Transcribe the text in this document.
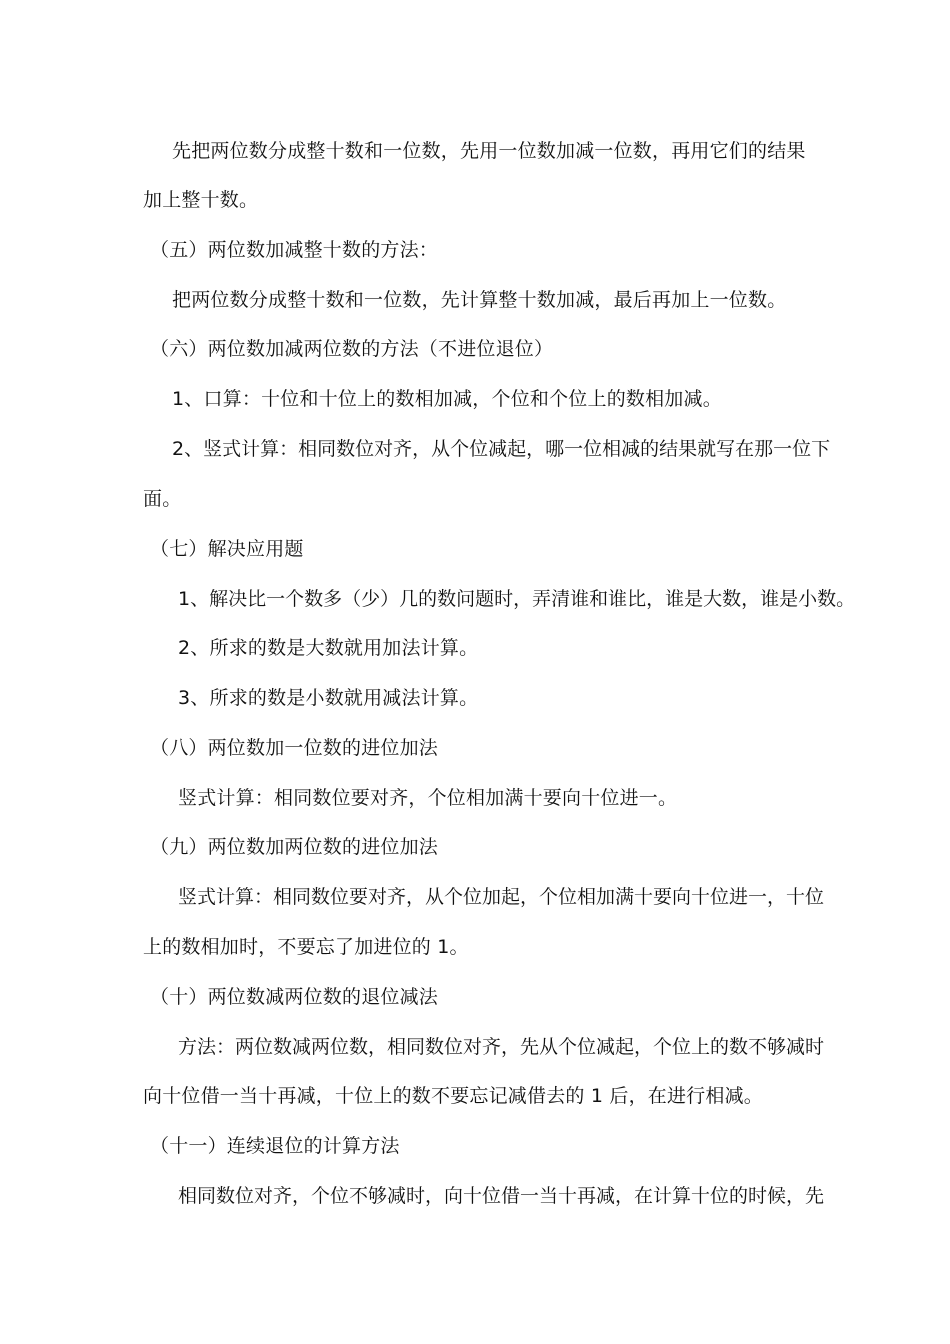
先把两位数分成整十数和一位数，先用一位数加减一位数，再用它们的结果
加上整十数。
（五）两位数加减整十数的方法：
把两位数分成整十数和一位数，先计算整十数加减，最后再加上一位数。
（六）两位数加减两位数的方法（不进位退位）
1、口算：十位和十位上的数相加减，个位和个位上的数相加减。
2、竖式计算：相同数位对齐，从个位减起，哪一位相减的结果就写在那一位下
面。
（七）解决应用题
1、解决比一个数多（少）几的数问题时，弄清谁和谁比，谁是大数，谁是小数。
2、所求的数是大数就用加法计算。
3、所求的数是小数就用减法计算。
（八）两位数加一位数的进位加法
竖式计算：相同数位要对齐，个位相加满十要向十位进一。
（九）两位数加两位数的进位加法
竖式计算：相同数位要对齐，从个位加起，个位相加满十要向十位进一，十位
上的数相加时，不要忘了加进位的 1。
（十）两位数减两位数的退位减法
方法：两位数减两位数，相同数位对齐，先从个位减起，个位上的数不够减时
向十位借一当十再减，十位上的数不要忘记减借去的 1 后，在进行相减。
（十一）连续退位的计算方法
相同数位对齐，个位不够减时，向十位借一当十再减，在计算十位的时候，先
